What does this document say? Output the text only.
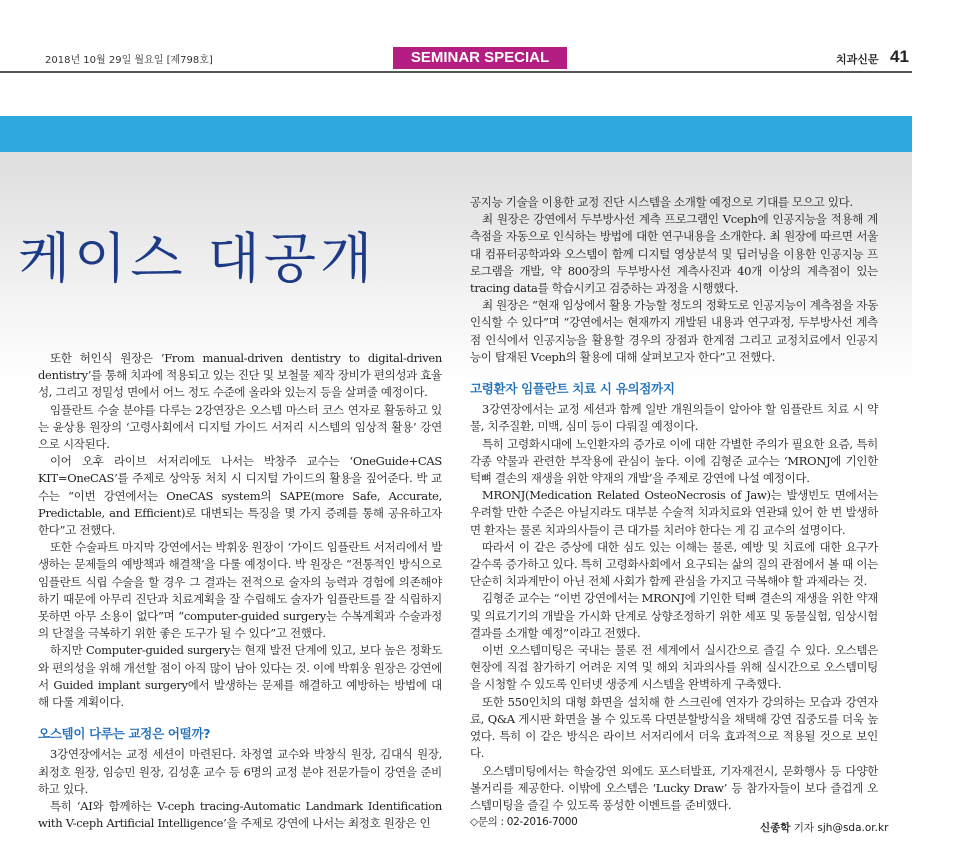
2018년 10월 29일 월요일 [제798호]	SEMINAR SPECIAL	치과신문 41
케이스 대공개

또한 허인식 원장은 ‘From manual-driven dentistry to digital-driven dentistry’를 통해 치과에 적용되고 있는 진단 및 보철물 제작 장비가 편의성과 효율성, 그리고 정밀성 면에서 어느 정도 수준에 올라와 있는지 등을 살펴줄 예정이다.

임플란트 수술 분야를 다루는 2강연장은 오스템 마스터 코스 연자로 활동하고 있는 윤상용 원장의 ‘고령사회에서 디지털 가이드 서저리 시스템의 임상적 활용’ 강연으로 시작된다.

이어 오후 라이브 서저리에도 나서는 박창주 교수는 ‘OneGuide+CAS KIT=OneCAS’를 주제로 상악동 처치 시 디지털 가이드의 활용을 짚어준다. 박 교수는 “이번 강연에서는 OneCAS system의 SAPE(more Safe, Accurate, Predictable, and Efficient)로 대변되는 특징을 몇 가지 증례를 통해 공유하고자 한다”고 전했다.

또한 수술파트 마지막 강연에서는 박휘웅 원장이 ‘가이드 임플란트 서저리에서 발생하는 문제들의 예방책과 해결책’을 다룰 예정이다. 박 원장은 “전통적인 방식으로 임플란트 식립 수술을 할 경우 그 결과는 전적으로 술자의 능력과 경험에 의존해야 하기 때문에 아무리 진단과 치료계획을 잘 수립해도 술자가 임플란트를 잘 식립하지 못하면 아무 소용이 없다”며 “computer-guided surgery는 수복계획과 수술과정의 단절을 극복하기 위한 좋은 도구가 될 수 있다”고 전했다.

하지만 Computer-guided surgery는 현재 발전 단계에 있고, 보다 높은 정확도와 편의성을 위해 개선할 점이 아직 많이 남아 있다는 것. 이에 박휘웅 원장은 강연에서 Guided implant surgery에서 발생하는 문제를 해결하고 예방하는 방법에 대해 다룰 계획이다.

오스템이 다루는 교정은 어떨까?

3강연장에서는 교정 세션이 마련된다. 차정열 교수와 박창식 원장, 김대식 원장, 최정호 원장, 임승민 원장, 김성훈 교수 등 6명의 교정 분야 전문가들이 강연을 준비하고 있다.

특히 ‘AI와 함께하는 V-ceph tracing-Automatic Landmark Identification with V-ceph Artificial Intelligence’을 주제로 강연에 나서는 최정호 원장은 인

공지능 기술을 이용한 교정 진단 시스템을 소개할 예정으로 기대를 모으고 있다.

최 원장은 강연에서 두부방사선 계측 프로그램인 Vceph에 인공지능을 적용해 계측점을 자동으로 인식하는 방법에 대한 연구내용을 소개한다. 최 원장에 따르면 서울대 컴퓨터공학과와 오스템이 함께 디지털 영상분석 및 딥러닝을 이용한 인공지능 프로그램을 개발, 약 800장의 두부방사선 계측사진과 40개 이상의 계측점이 있는 tracing data를 학습시키고 검증하는 과정을 시행했다.

최 원장은 “현재 임상에서 활용 가능할 정도의 정확도로 인공지능이 계측점을 자동 인식할 수 있다”며 “강연에서는 현재까지 개발된 내용과 연구과정, 두부방사선 계측점 인식에서 인공지능을 활용할 경우의 장점과 한계점 그리고 교정치료에서 인공지능이 탑재된 Vceph의 활용에 대해 살펴보고자 한다”고 전했다.

고령환자 임플란트 치료 시 유의점까지

3강연장에서는 교정 세션과 함께 일반 개원의들이 알아야 할 임플란트 치료 시 약물, 치주질환, 미백, 심미 등이 다뤄질 예정이다.

특히 고령화시대에 노인환자의 증가로 이에 대한 각별한 주의가 필요한 요즘, 특히 각종 약물과 관련한 부작용에 관심이 높다. 이에 김형준 교수는 ‘MRONJ에 기인한 턱뼈 결손의 재생을 위한 약재의 개발’을 주제로 강연에 나설 예정이다.

MRONJ(Medication Related OsteoNecrosis of Jaw)는 발생빈도 면에서는 우려할 만한 수준은 아닐지라도 대부분 수술적 치과치료와 연관돼 있어 한 번 발생하면 환자는 물론 치과의사들이 큰 대가를 치러야 한다는 게 김 교수의 설명이다.

따라서 이 같은 증상에 대한 심도 있는 이해는 물론, 예방 및 치료에 대한 요구가 갈수록 증가하고 있다. 특히 고령화사회에서 요구되는 삶의 질의 관점에서 볼 때 이는 단순히 치과계만이 아닌 전체 사회가 함께 관심을 가지고 극복해야 할 과제라는 것.

김형준 교수는 “이번 강연에서는 MRONJ에 기인한 턱뼈 결손의 재생을 위한 약재 및 의료기기의 개발을 가시화 단계로 상향조정하기 위한 세포 및 동물실험, 임상시험 결과를 소개할 예정”이라고 전했다.

이번 오스템미팅은 국내는 물론 전 세계에서 실시간으로 즐길 수 있다. 오스템은 현장에 직접 참가하기 어려운 지역 및 해외 치과의사를 위해 실시간으로 오스템미팅을 시청할 수 있도록 인터넷 생중계 시스템을 완벽하게 구축했다.

또한 550인치의 대형 화면을 설치해 한 스크린에 연자가 강의하는 모습과 강연자료, Q&A 게시판 화면을 볼 수 있도록 다면분할방식을 채택해 강연 집중도를 더욱 높였다. 특히 이 같은 방식은 라이브 서저리에서 더욱 효과적으로 적용될 것으로 보인다.

오스템미팅에서는 학술강연 외에도 포스터발표, 기자재전시, 문화행사 등 다양한 볼거리를 제공한다. 이밖에 오스템은 ‘Lucky Draw’ 등 참가자들이 보다 즐겁게 오스템미팅을 즐길 수 있도록 풍성한 이벤트를 준비했다.

◇문의 : 02-2016-7000	신종학 기자 sjh@sda.or.kr
